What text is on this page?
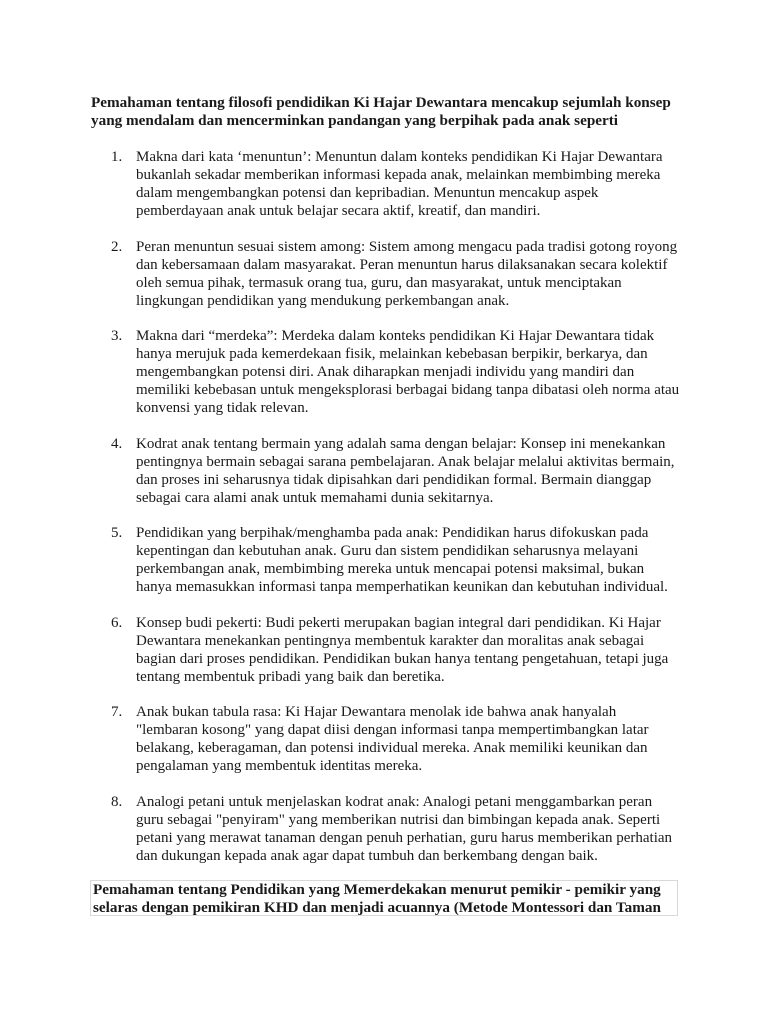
Pemahaman tentang filosofi pendidikan Ki Hajar Dewantara mencakup sejumlah konsep yang mendalam dan mencerminkan pandangan yang berpihak pada anak seperti

1. Makna dari kata ‘menuntun’: Menuntun dalam konteks pendidikan Ki Hajar Dewantara bukanlah sekadar memberikan informasi kepada anak, melainkan membimbing mereka dalam mengembangkan potensi dan kepribadian. Menuntun mencakup aspek pemberdayaan anak untuk belajar secara aktif, kreatif, dan mandiri.
2. Peran menuntun sesuai sistem among: Sistem among mengacu pada tradisi gotong royong dan kebersamaan dalam masyarakat. Peran menuntun harus dilaksanakan secara kolektif oleh semua pihak, termasuk orang tua, guru, dan masyarakat, untuk menciptakan lingkungan pendidikan yang mendukung perkembangan anak.
3. Makna dari “merdeka”: Merdeka dalam konteks pendidikan Ki Hajar Dewantara tidak hanya merujuk pada kemerdekaan fisik, melainkan kebebasan berpikir, berkarya, dan mengembangkan potensi diri. Anak diharapkan menjadi individu yang mandiri dan memiliki kebebasan untuk mengeksplorasi berbagai bidang tanpa dibatasi oleh norma atau konvensi yang tidak relevan.
4. Kodrat anak tentang bermain yang adalah sama dengan belajar: Konsep ini menekankan pentingnya bermain sebagai sarana pembelajaran. Anak belajar melalui aktivitas bermain, dan proses ini seharusnya tidak dipisahkan dari pendidikan formal. Bermain dianggap sebagai cara alami anak untuk memahami dunia sekitarnya.
5. Pendidikan yang berpihak/menghamba pada anak: Pendidikan harus difokuskan pada kepentingan dan kebutuhan anak. Guru dan sistem pendidikan seharusnya melayani perkembangan anak, membimbing mereka untuk mencapai potensi maksimal, bukan hanya memasukkan informasi tanpa memperhatikan keunikan dan kebutuhan individual.
6. Konsep budi pekerti: Budi pekerti merupakan bagian integral dari pendidikan. Ki Hajar Dewantara menekankan pentingnya membentuk karakter dan moralitas anak sebagai bagian dari proses pendidikan. Pendidikan bukan hanya tentang pengetahuan, tetapi juga tentang membentuk pribadi yang baik dan beretika.
7. Anak bukan tabula rasa: Ki Hajar Dewantara menolak ide bahwa anak hanyalah "lembaran kosong" yang dapat diisi dengan informasi tanpa mempertimbangkan latar belakang, keberagaman, dan potensi individual mereka. Anak memiliki keunikan dan pengalaman yang membentuk identitas mereka.
8. Analogi petani untuk menjelaskan kodrat anak: Analogi petani menggambarkan peran guru sebagai "penyiram" yang memberikan nutrisi dan bimbingan kepada anak. Seperti petani yang merawat tanaman dengan penuh perhatian, guru harus memberikan perhatian dan dukungan kepada anak agar dapat tumbuh dan berkembang dengan baik.
Pemahaman tentang Pendidikan yang Memerdekakan menurut pemikir - pemikir yang selaras dengan pemikiran KHD dan menjadi acuannya (Metode Montessori dan Taman
